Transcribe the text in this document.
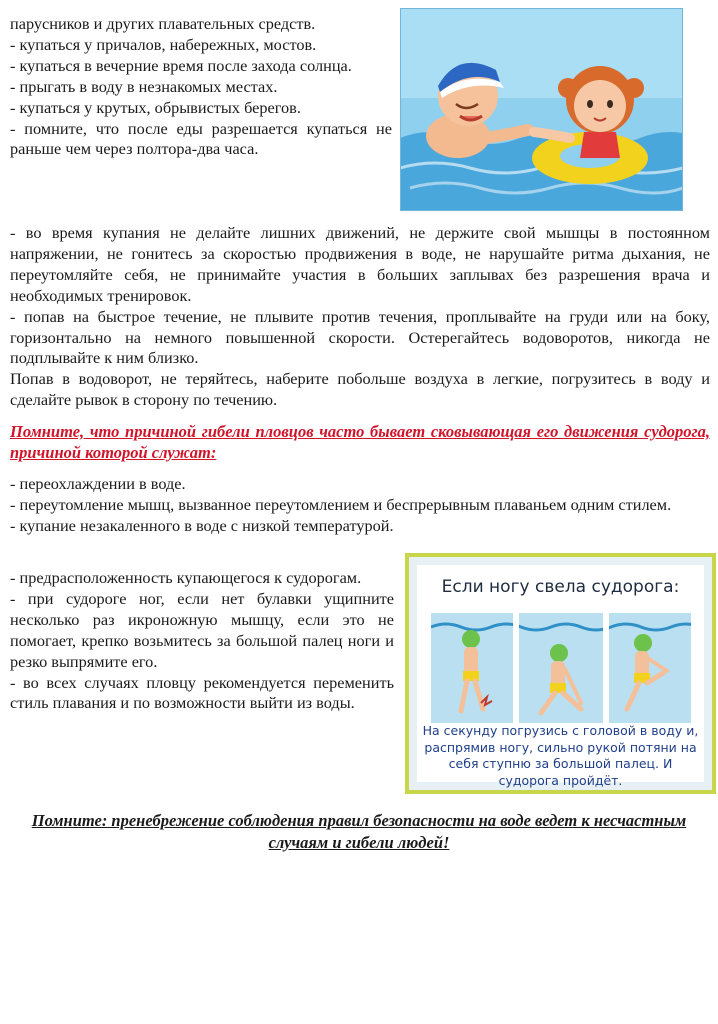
парусников и других плавательных средств.

- купаться у причалов, набережных, мостов.

- купаться в вечерние время после захода солнца.

- прыгать в воду в незнакомых местах.

- купаться у крутых, обрывистых берегов.

- помните, что после еды разрешается купаться не раньше чем через полтора-два часа.

- во время купания не делайте лишних движений, не держите свой мышцы в постоянном напряжении, не гонитесь за скоростью продвижения в воде, не нарушайте ритма дыхания, не переутомляйте себя, не принимайте участия в больших заплывах без разрешения врача и необходимых тренировок.

- попав на быстрое течение, не плывите против течения, проплывайте на груди или на боку, горизонтально на немного повышенной скорости. Остерегайтесь водоворотов, никогда не подплывайте к ним близко.

Попав в водоворот, не теряйтесь, наберите побольше воздуха в легкие, погрузитесь в воду и сделайте рывок в сторону по течению.

Помните, что причиной гибели пловцов часто бывает сковывающая его движения судорога, причиной которой служат:

- переохлаждении в воде.

- переутомление мышц, вызванное переутомлением и беспрерывным плаваньем одним стилем.

- купание незакаленного в воде с низкой температурой.

- предрасположенность купающегося к судорогам.

- при судороге ног, если нет булавки ущипните несколько раз икроножную мышцу, если это не помогает, крепко возьмитесь за большой палец ноги и резко выпрямите его.

- во всех случаях пловцу рекомендуется переменить стиль плавания и по возможности выйти из воды.

Если ногу свела судорога:
На секунду погрузись с головой в воду и, распрямив ногу, сильно рукой потяни на себя ступню за большой палец. И судорога пройдёт.
Помните: пренебрежение соблюдения правил безопасности на воде ведет к несчастным случаям и гибели людей!
